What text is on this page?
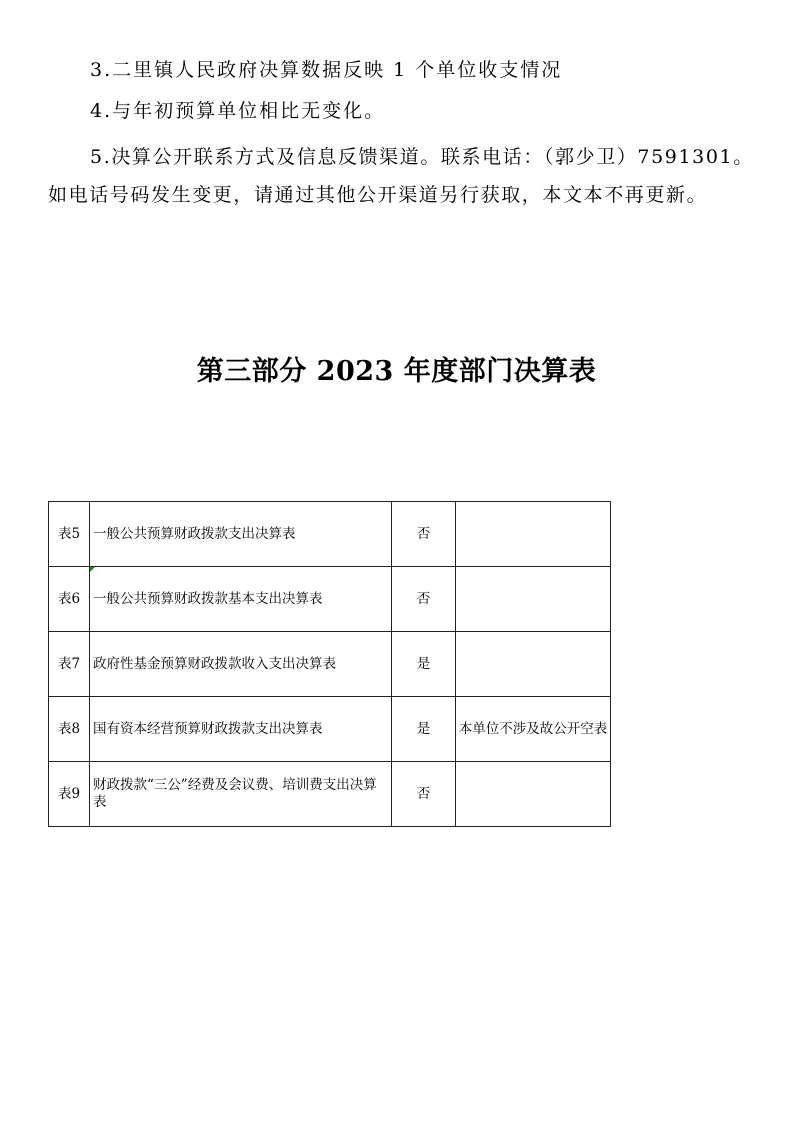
3.二里镇人民政府决算数据反映 1 个单位收支情况
4.与年初预算单位相比无变化。
5.决算公开联系方式及信息反馈渠道。联系电话：（郭少卫）7591301。
如电话号码发生变更，请通过其他公开渠道另行获取，本文本不再更新。
第三部分 2023 年度部门决算表
表5	一般公共预算财政拨款支出决算表	否	
表6	一般公共预算财政拨款基本支出决算表	否	
表7	政府性基金预算财政拨款收入支出决算表	是	
表8	国有资本经营预算财政拨款支出决算表	是	本单位不涉及故公开空表
表9	财政拨款“三公”经费及会议费、培训费支出决算表	否	
